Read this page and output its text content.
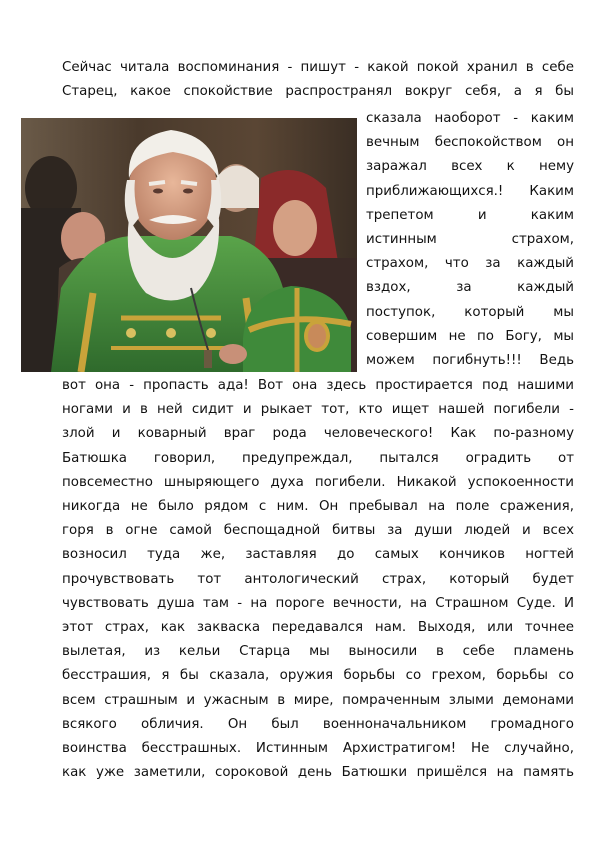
Сейчас читала воспоминания - пишут - какой покой хранил в себе
Старец, какое спокойствие распространял вокруг себя, а я бы
сказала наоборот - каким
вечным беспокойством он
заражал всех к нему
приближающихся.! Каким
трепетом и каким
истинным страхом,
страхом, что за каждый
вздох, за каждый
поступок, который мы
совершим не по Богу, мы
можем погибнуть!!! Ведь
вот она - пропасть ада! Вот она здесь простирается под нашими
ногами и в ней сидит и рыкает тот, кто ищет нашей погибели -
злой и коварный враг рода человеческого! Как по-разному
Батюшка говорил, предупреждал, пытался оградить от
повсеместно шныряющего духа погибели. Никакой успокоенности
никогда не было рядом с ним. Он пребывал на поле сражения,
горя в огне самой беспощадной битвы за души людей и всех
возносил туда же, заставляя до самых кончиков ногтей
прочувствовать тот антологический страх, который будет
чувствовать душа там - на пороге вечности, на Страшном Суде. И
этот страх, как закваска передавался нам. Выходя, или точнее
вылетая, из кельи Старца мы выносили в себе пламень
бесстрашия, я бы сказала, оружия борьбы со грехом, борьбы со
всем страшным и ужасным в мире, помраченным злыми демонами
всякого обличия. Он был военноначальником громадного
воинства бесстрашных. Истинным Архистратигом! Не случайно,
как уже заметили, сороковой день Батюшки пришёлся на память
